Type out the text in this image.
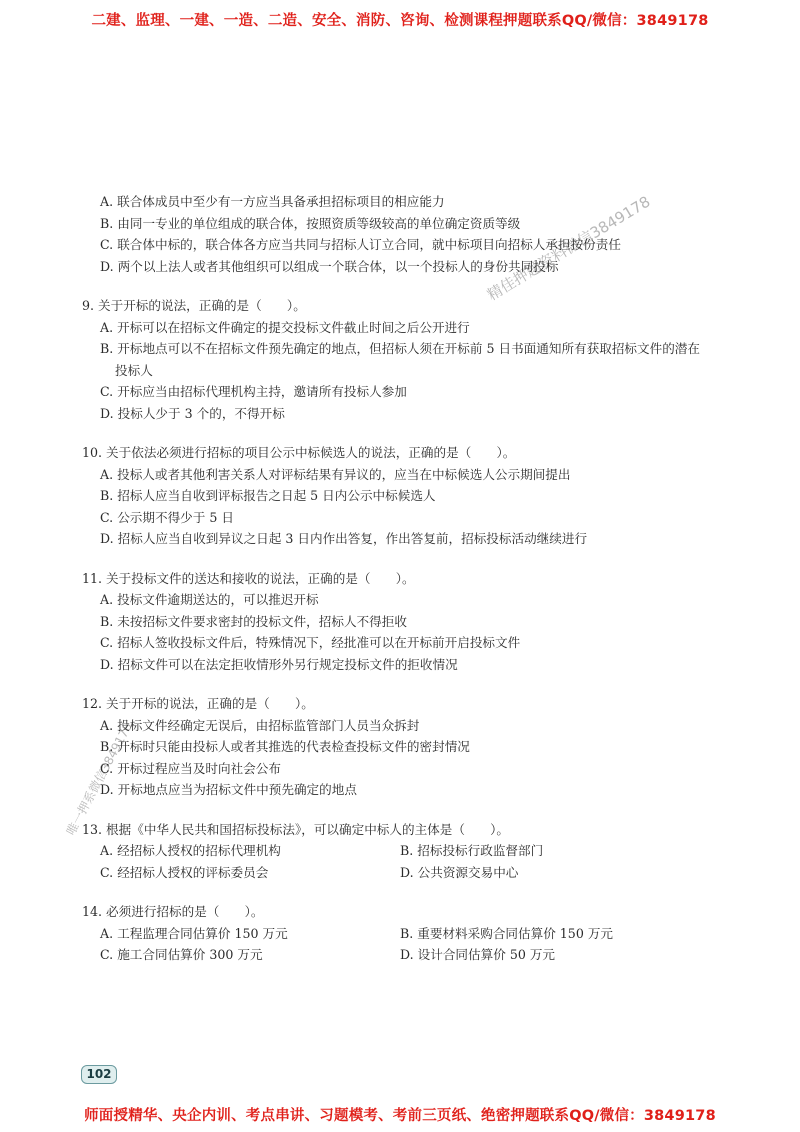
二建、监理、一建、一造、二造、安全、消防、咨询、检测课程押题联系QQ/微信：3849178
精佳押题资料微信3849178
唯一押系微信3849178
A. 联合体成员中至少有一方应当具备承担招标项目的相应能力
B. 由同一专业的单位组成的联合体，按照资质等级较高的单位确定资质等级
C. 联合体中标的，联合体各方应当共同与招标人订立合同，就中标项目向招标人承担按份责任
D. 两个以上法人或者其他组织可以组成一个联合体，以一个投标人的身份共同投标
9. 关于开标的说法，正确的是（　　）。
A. 开标可以在招标文件确定的提交投标文件截止时间之后公开进行
B. 开标地点可以不在招标文件预先确定的地点，但招标人须在开标前 5 日书面通知所有获取招标文件的潜在投标人
C. 开标应当由招标代理机构主持，邀请所有投标人参加
D. 投标人少于 3 个的，不得开标
10. 关于依法必须进行招标的项目公示中标候选人的说法，正确的是（　　）。
A. 投标人或者其他利害关系人对评标结果有异议的，应当在中标候选人公示期间提出
B. 招标人应当自收到评标报告之日起 5 日内公示中标候选人
C. 公示期不得少于 5 日
D. 招标人应当自收到异议之日起 3 日内作出答复，作出答复前，招标投标活动继续进行
11. 关于投标文件的送达和接收的说法，正确的是（　　）。
A. 投标文件逾期送达的，可以推迟开标
B. 未按招标文件要求密封的投标文件，招标人不得拒收
C. 招标人签收投标文件后，特殊情况下，经批准可以在开标前开启投标文件
D. 招标文件可以在法定拒收情形外另行规定投标文件的拒收情况
12. 关于开标的说法，正确的是（　　）。
A. 投标文件经确定无误后，由招标监管部门人员当众拆封
B. 开标时只能由投标人或者其推选的代表检查投标文件的密封情况
C. 开标过程应当及时向社会公布
D. 开标地点应当为招标文件中预先确定的地点
13. 根据《中华人民共和国招标投标法》，可以确定中标人的主体是（　　）。
A. 经招标人授权的招标代理机构	B. 招标投标行政监督部门
C. 经招标人授权的评标委员会	D. 公共资源交易中心
14. 必须进行招标的是（　　）。
A. 工程监理合同估算价 150 万元	B. 重要材料采购合同估算价 150 万元
C. 施工合同估算价 300 万元	D. 设计合同估算价 50 万元
102
师面授精华、央企内训、考点串讲、习题模考、考前三页纸、绝密押题联系QQ/微信：3849178
